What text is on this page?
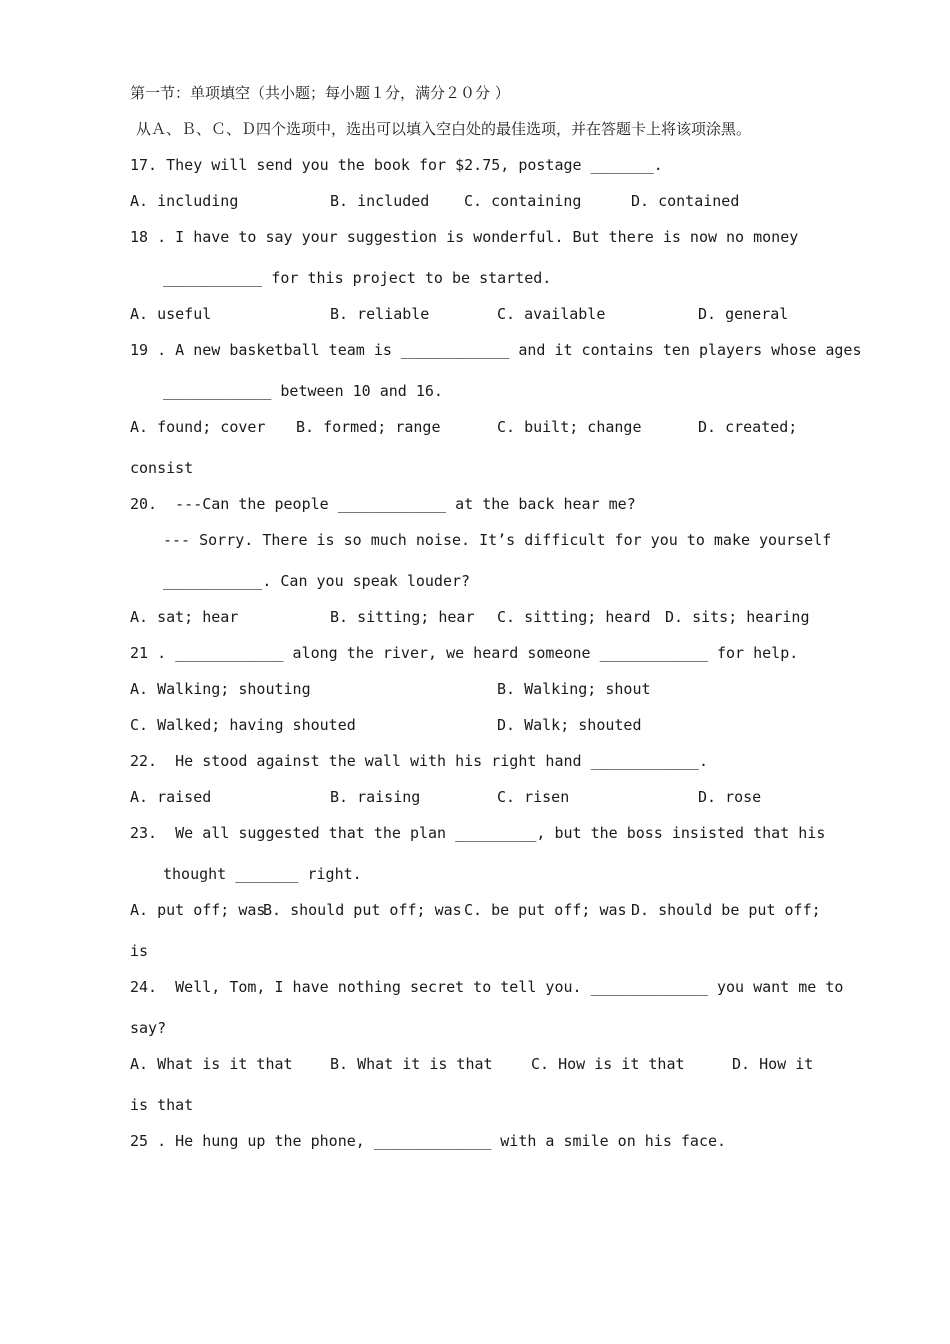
第一节：单项填空（共小题；每小题１分，满分２０分 ）
从Ａ、Ｂ、Ｃ、Ｄ四个选项中，选出可以填入空白处的最佳选项，并在答题卡上将该项涂黑。
17. They will send you the book for $2.75, postage _______.
A. including	B. included C. containing	D. contained
18 . I have to say your suggestion is wonderful. But there is now no money
___________ for this project to be started.
A. useful	B. reliable	C. available	D. general
19 . A new basketball team is ____________ and it contains ten players whose ages
____________ between 10 and 16.
A. found; cover B. formed; range	C. built; change	D. created;
consist
20.  ---Can the people ____________ at the back hear me?
--- Sorry. There is so much noise. It’s difficult for you to make yourself
___________. Can you speak louder?
A. sat; hear	B. sitting; hear C. sitting; heard D. sits; hearing
21 . ____________ along the river, we heard someone ____________ for help.
A. Walking; shouting	B. Walking; shout
C. Walked; having shouted	D. Walk; shouted
22.  He stood against the wall with his right hand ____________.
A. raised	B. raising	C. risen	D. rose
23.  We all suggested that the plan _________, but the boss insisted that his
thought _______ right.
A. put off; was
B. should put off; was C. be put off; was D. should be put off;
is
24.  Well, Tom, I have nothing secret to tell you. _____________ you want me to
say?
A. What is it that B. What it is that	C. How is it that	D. How it
is that
25 . He hung up the phone, _____________ with a smile on his face.
